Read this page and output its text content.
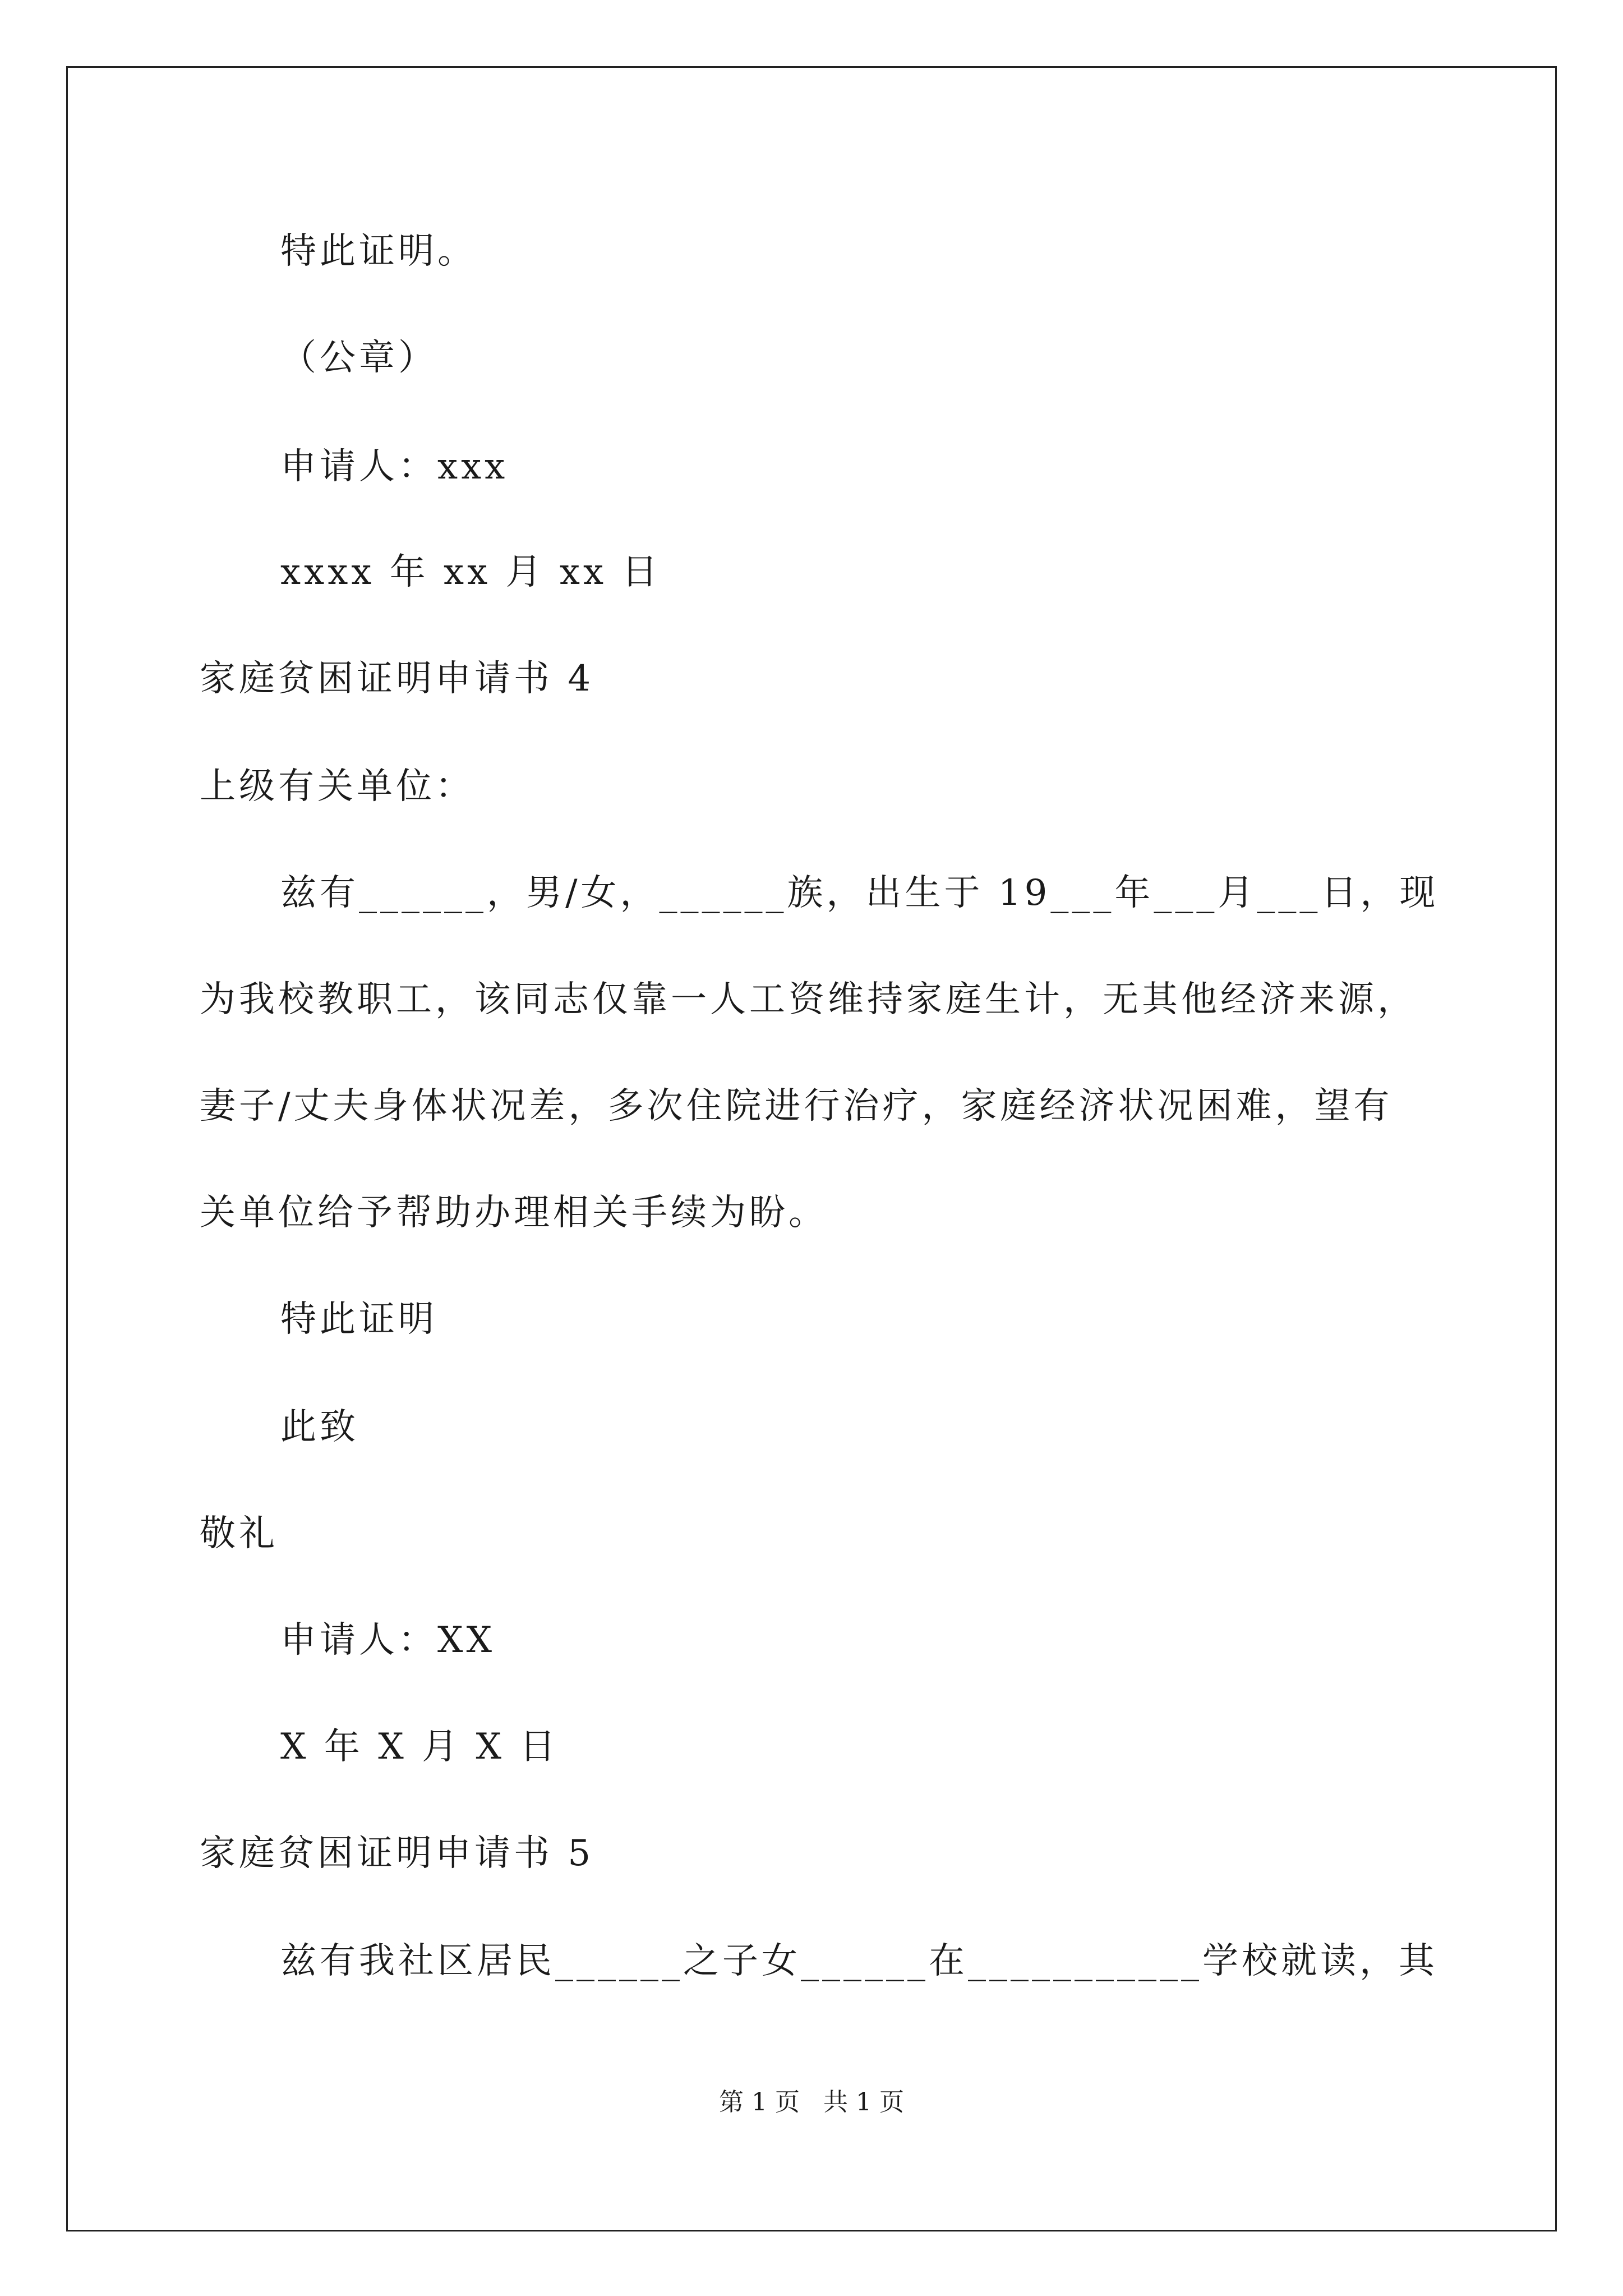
特此证明。
（公章）
申请人：xxx
xxxx 年 xx 月 xx 日
家庭贫困证明申请书 4
上级有关单位：
兹有______，男/女，______族，出生于 19___年___月___日，现
为我校教职工，该同志仅靠一人工资维持家庭生计，无其他经济来源，
妻子/丈夫身体状况差，多次住院进行治疗，家庭经济状况困难，望有
关单位给予帮助办理相关手续为盼。
特此证明
此致
敬礼
申请人：XX
X 年 X 月 X 日
家庭贫困证明申请书 5
兹有我社区居民______之子女______在___________学校就读，其
第 1 页   共 1 页
